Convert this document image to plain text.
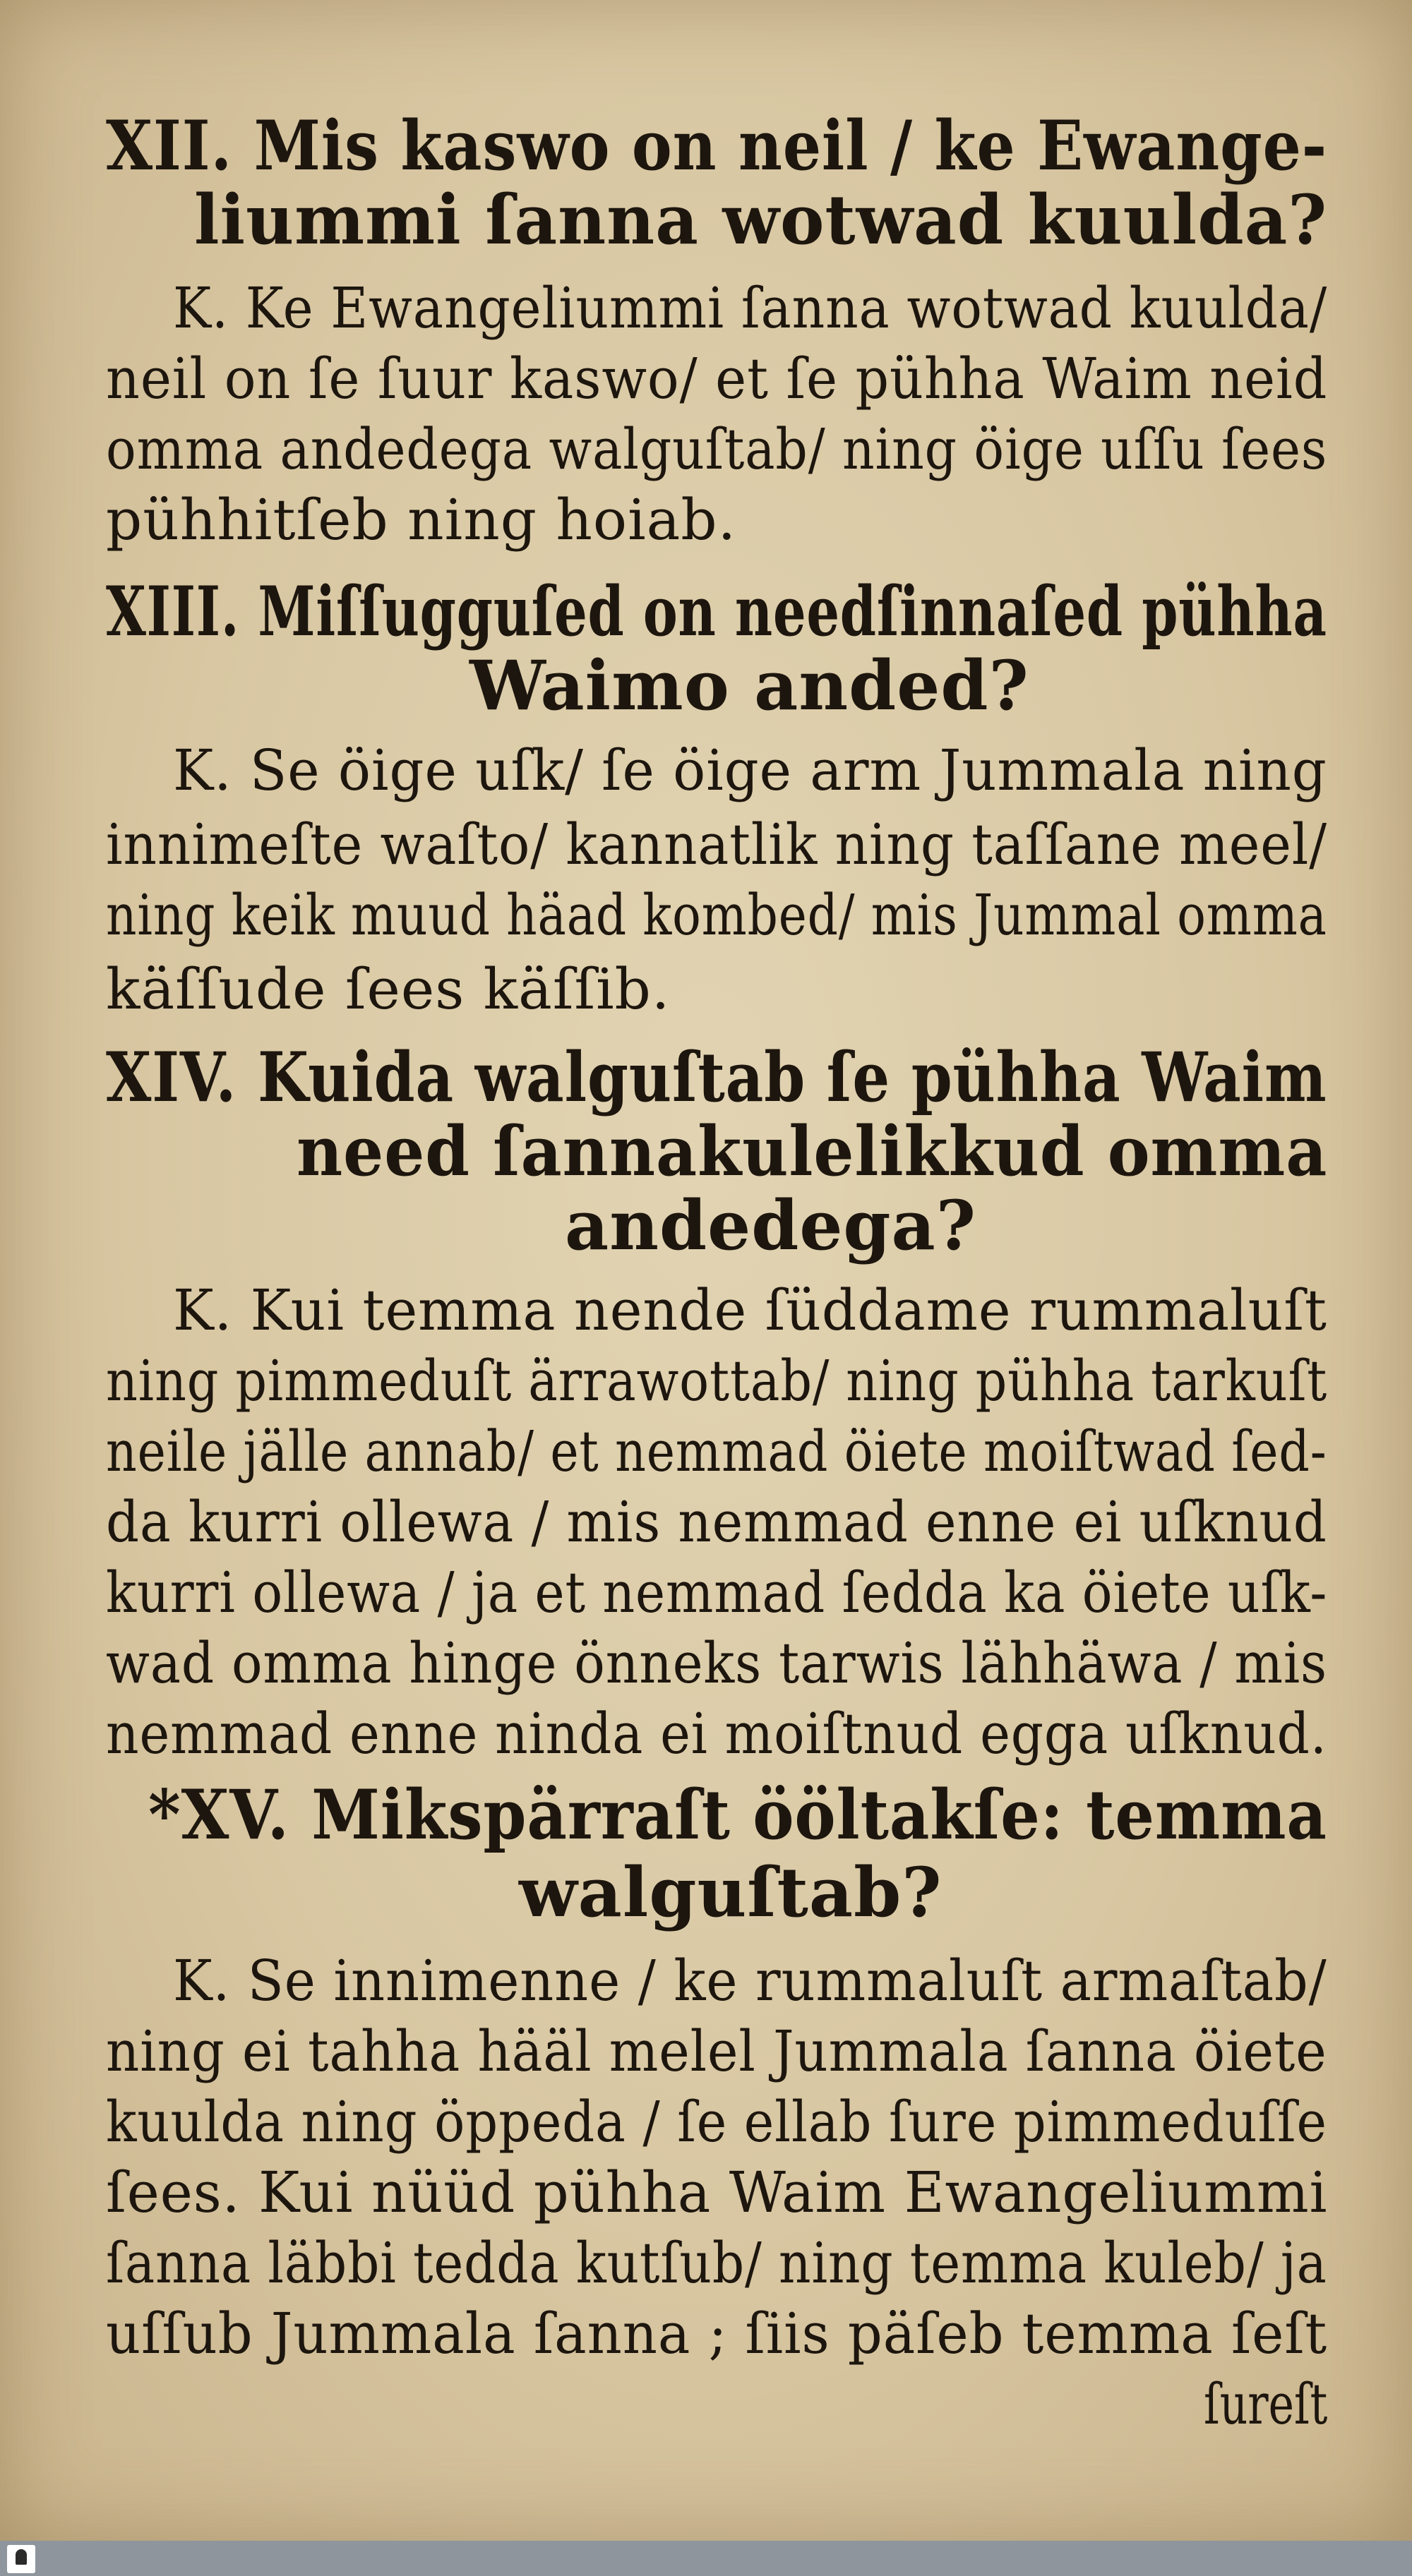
XII. Mis kaswo on neil / ke Ewange-
liummi ſanna wotwad kuulda?
K. Ke Ewangeliummi ſanna wotwad kuulda/
neil on ſe ſuur kaswo/ et ſe pühha Waim neid
omma andedega walguſtab/ ning öige uſſu ſees
pühhitſeb ning hoiab.
XIII. Miſſugguſed on needſinnaſed pühha
Waimo anded?
K. Se öige uſk/ ſe öige arm Jummala ning
innimeſte waſto/ kannatlik ning taſſane meel/
ning keik muud häad kombed/ mis Jummal omma
käſſude ſees käſſib.
XIV. Kuida walguſtab ſe pühha Waim
need ſannakulelikkud omma
andedega?
K. Kui temma nende ſüddame rummaluſt
ning pimmeduſt ärrawottab/ ning pühha tarkuſt
neile jälle annab/ et nemmad öiete moiſtwad ſed-
da kurri ollewa / mis nemmad enne ei uſknud
kurri ollewa / ja et nemmad ſedda ka öiete uſk-
wad omma hinge önneks tarwis lähhäwa / mis
nemmad enne ninda ei moiſtnud egga uſknud.
*XV. Mikspärraſt ööltakſe: temma
walguſtab?
K. Se innimenne / ke rummaluſt armaſtab/
ning ei tahha hääl melel Jummala ſanna öiete
kuulda ning öppeda / ſe ellab ſure pimmeduſſe
ſees. Kui nüüd pühha Waim Ewangeliummi
ſanna läbbi tedda kutſub/ ning temma kuleb/ ja
uſſub Jummala ſanna ; ſiis päſeb temma ſeſt
ſureſt
